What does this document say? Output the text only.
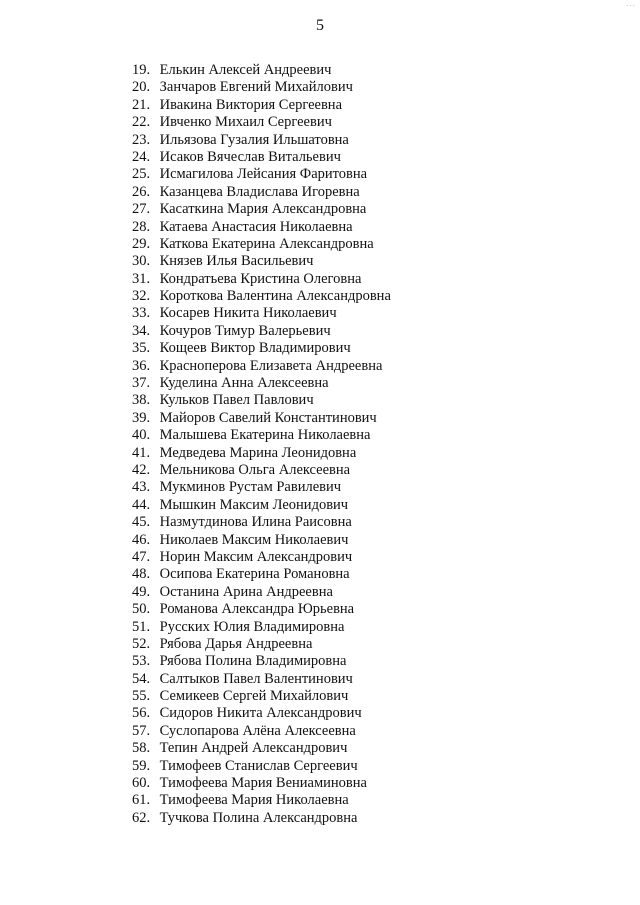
···
5
19. Елькин Алексей Андреевич
20. Занчаров Евгений Михайлович
21. Ивакина Виктория Сергеевна
22. Ивченко Михаил Сергеевич
23. Ильязова Гузалия Ильшатовна
24. Исаков Вячеслав Витальевич
25. Исмагилова Лейсания Фаритовна
26. Казанцева Владислава Игоревна
27. Касаткина Мария Александровна
28. Катаева Анастасия Николаевна
29. Каткова Екатерина Александровна
30. Князев Илья Васильевич
31. Кондратьева Кристина Олеговна
32. Короткова Валентина Александровна
33. Косарев Никита Николаевич
34. Кочуров Тимур Валерьевич
35. Кощеев Виктор Владимирович
36. Красноперова Елизавета Андреевна
37. Куделина Анна Алексеевна
38. Кульков Павел Павлович
39. Майоров Савелий Константинович
40. Малышева Екатерина Николаевна
41. Медведева Марина Леонидовна
42. Мельникова Ольга Алексеевна
43. Мукминов Рустам Равилевич
44. Мышкин Максим Леонидович
45. Назмутдинова Илина Раисовна
46. Николаев Максим Николаевич
47. Норин Максим Александрович
48. Осипова Екатерина Романовна
49. Останина Арина Андреевна
50. Романова Александра Юрьевна
51. Русских Юлия Владимировна
52. Рябова Дарья Андреевна
53. Рябова Полина Владимировна
54. Салтыков Павел Валентинович
55. Семикеев Сергей Михайлович
56. Сидоров Никита Александрович
57. Суслопарова Алёна Алексеевна
58. Тепин Андрей Александрович
59. Тимофеев Станислав Сергеевич
60. Тимофеева Мария Вениаминовна
61. Тимофеева Мария Николаевна
62. Тучкова Полина Александровна
